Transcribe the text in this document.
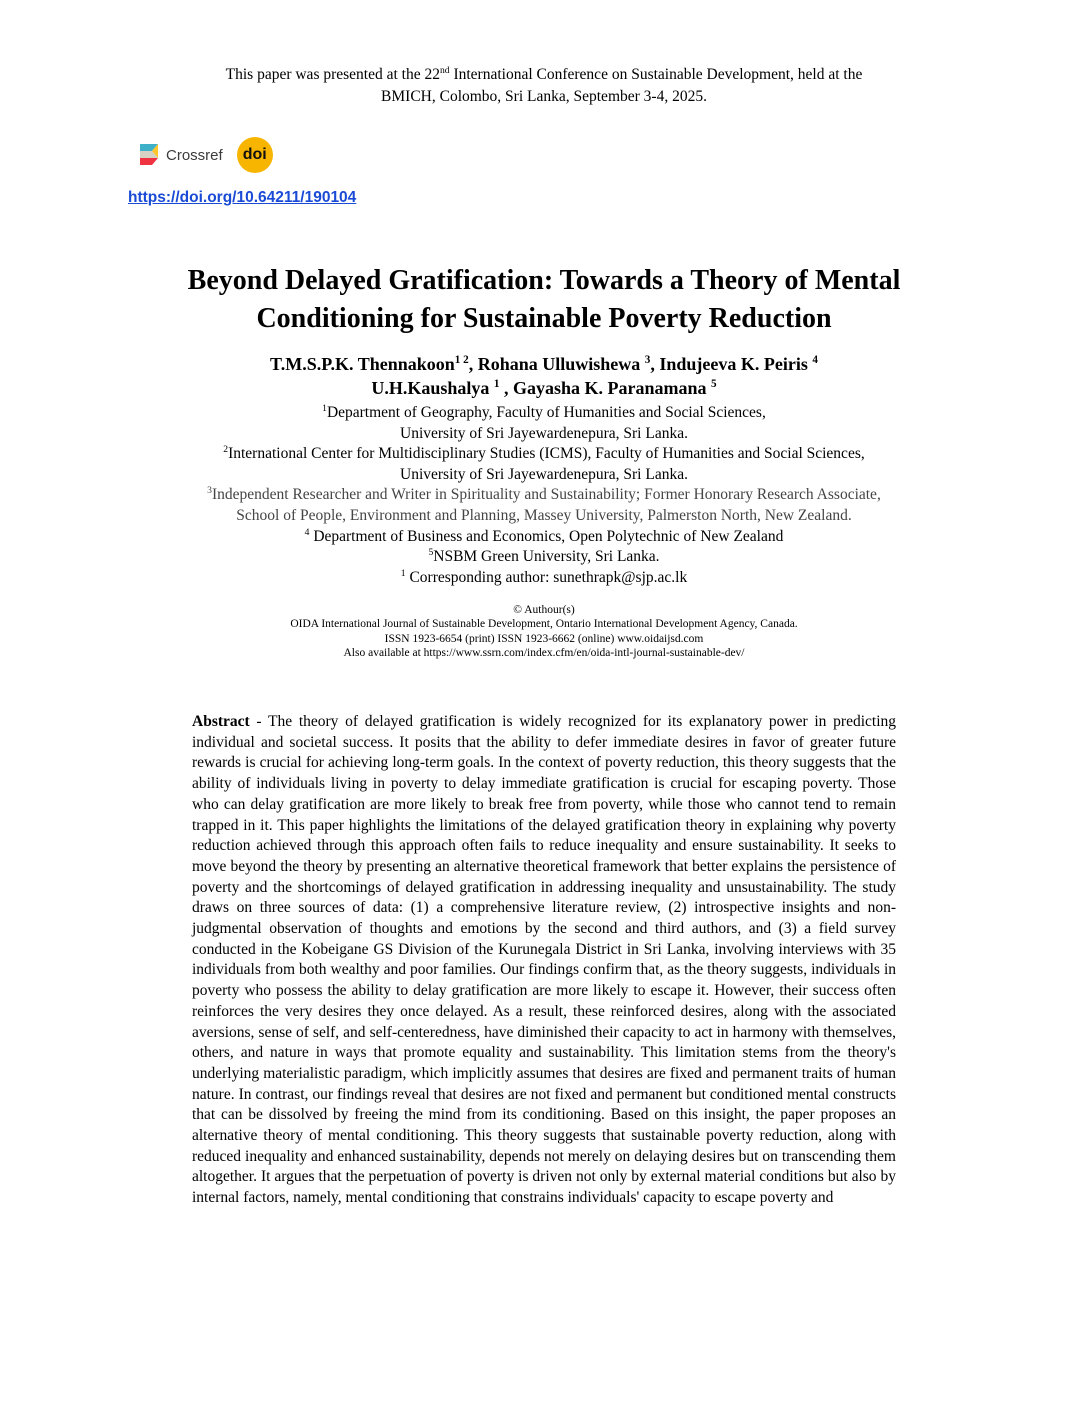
This paper was presented at the 22nd International Conference on Sustainable Development, held at the
BMICH, Colombo, Sri Lanka, September 3-4, 2025.
Crossref doi
https://doi.org/10.64211/190104
Beyond Delayed Gratification: Towards a Theory of Mental
Conditioning for Sustainable Poverty Reduction
T.M.S.P.K. Thennakoon$^{1 2}$, Rohana Ulluwishewa $^3$, Indujeeva K. Peiris $^4$
U.H.Kaushalya $^1$ , Gayasha K. Paranamana $^5$
$^1$Department of Geography, Faculty of Humanities and Social Sciences,
University of Sri Jayewardenepura, Sri Lanka.
$^2$International Center for Multidisciplinary Studies (ICMS), Faculty of Humanities and Social Sciences,
University of Sri Jayewardenepura, Sri Lanka.
$^3$Independent Researcher and Writer in Spirituality and Sustainability; Former Honorary Research Associate,
School of People, Environment and Planning, Massey University, Palmerston North, New Zealand.
$^4$ Department of Business and Economics, Open Polytechnic of New Zealand
$^5$NSBM Green University, Sri Lanka.
$^1$ Corresponding author: sunethrapk@sjp.ac.lk
© Authour(s)
OIDA International Journal of Sustainable Development, Ontario International Development Agency, Canada.
ISSN 1923-6654 (print) ISSN 1923-6662 (online) www.oidaijsd.com
Also available at https://www.ssrn.com/index.cfm/en/oida-intl-journal-sustainable-dev/

Abstract - The theory of delayed gratification is widely recognized for its explanatory power in predicting individual and societal success. It posits that the ability to defer immediate desires in favor of greater future rewards is crucial for achieving long-term goals. In the context of poverty reduction, this theory suggests that the ability of individuals living in poverty to delay immediate gratification is crucial for escaping poverty. Those who can delay gratification are more likely to break free from poverty, while those who cannot tend to remain trapped in it. This paper highlights the limitations of the delayed gratification theory in explaining why poverty reduction achieved through this approach often fails to reduce inequality and ensure sustainability. It seeks to move beyond the theory by presenting an alternative theoretical framework that better explains the persistence of poverty and the shortcomings of delayed gratification in addressing inequality and unsustainability. The study draws on three sources of data: (1) a comprehensive literature review, (2) introspective insights and non-judgmental observation of thoughts and emotions by the second and third authors, and (3) a field survey conducted in the Kobeigane GS Division of the Kurunegala District in Sri Lanka, involving interviews with 35 individuals from both wealthy and poor families. Our findings confirm that, as the theory suggests, individuals in poverty who possess the ability to delay gratification are more likely to escape it. However, their success often reinforces the very desires they once delayed. As a result, these reinforced desires, along with the associated aversions, sense of self, and self-centeredness, have diminished their capacity to act in harmony with themselves, others, and nature in ways that promote equality and sustainability. This limitation stems from the theory's underlying materialistic paradigm, which implicitly assumes that desires are fixed and permanent traits of human nature. In contrast, our findings reveal that desires are not fixed and permanent but conditioned mental constructs that can be dissolved by freeing the mind from its conditioning. Based on this insight, the paper proposes an alternative theory of mental conditioning. This theory suggests that sustainable poverty reduction, along with reduced inequality and enhanced sustainability, depends not merely on delaying desires but on transcending them altogether. It argues that the perpetuation of poverty is driven not only by external material conditions but also by internal factors, namely, mental conditioning that constrains individuals' capacity to escape poverty and
